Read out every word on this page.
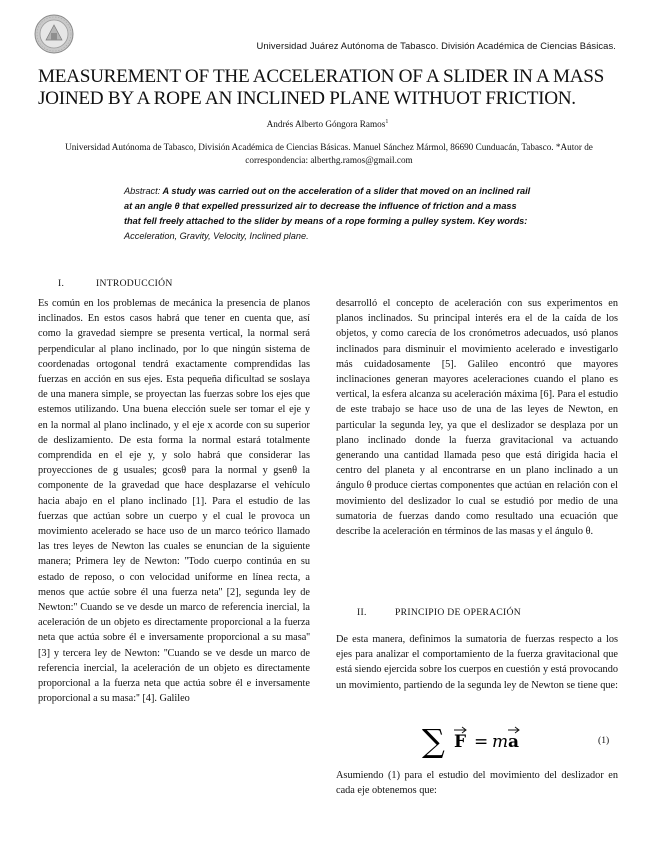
Universidad Juárez Autónoma de Tabasco. División Académica de Ciencias Básicas.
MEASUREMENT OF THE ACCELERATION OF A SLIDER IN A MASS JOINED BY A ROPE AN INCLINED PLANE WITHUOT FRICTION.
Andrés Alberto Góngora Ramos$^1$
Universidad Autónoma de Tabasco, División Académica de Ciencias Básicas. Manuel Sánchez Mármol, 86690 Cunduacán, Tabasco. *Autor de correspondencia: alberthg.ramos@gmail.com
Abstract: A study was carried out on the acceleration of a slider that moved on an inclined rail at an angle θ that expelled pressurized air to decrease the influence of friction and a mass that fell freely attached to the slider by means of a rope forming a pulley system. Key words: Acceleration, Gravity, Velocity, Inclined plane.
I.	INTRODUCCIÓN

Es común en los problemas de mecánica la presencia de planos inclinados. En estos casos habrá que tener en cuenta que, así como la gravedad siempre se presenta vertical, la normal será perpendicular al plano inclinado, por lo que ningún sistema de coordenadas ortogonal tendrá exactamente comprendidas las fuerzas en acción en sus ejes. Esta pequeña dificultad se soslaya de una manera simple, se proyectan las fuerzas sobre los ejes que estemos utilizando. Una buena elección suele ser tomar el eje y en la normal al plano inclinado, y el eje x acorde con su superior de deslizamiento. De esta forma la normal estará totalmente comprendida en el eje y, y solo habrá que considerar las proyecciones de g usuales; gcosθ para la normal y gsenθ la componente de la gravedad que hace desplazarse el vehículo hacia abajo en el plano inclinado [1]. Para el estudio de las fuerzas que actúan sobre un cuerpo y el cual le provoca un movimiento acelerado se hace uso de un marco teórico llamado las tres leyes de Newton las cuales se enuncian de la siguiente manera; Primera ley de Newton: ''Todo cuerpo continúa en su estado de reposo, o con velocidad uniforme en línea recta, a menos que actúe sobre él una fuerza neta'' [2], segunda ley de Newton:'' Cuando se ve desde un marco de referencia inercial, la aceleración de un objeto es directamente proporcional a la fuerza neta que actúa sobre él e inversamente proporcional a su masa'' [3] y tercera ley de Newton: ''Cuando se ve desde un marco de referencia inercial, la aceleración de un objeto es directamente proporcional a la fuerza neta que actúa sobre él e inversamente proporcional a su masa:'' [4]. Galileo

desarrolló el concepto de aceleración con sus experimentos en planos inclinados. Su principal interés era el de la caída de los objetos, y como carecía de los cronómetros adecuados, usó planos inclinados para disminuir el movimiento acelerado e investigarlo más cuidadosamente [5]. Galileo encontró que mayores inclinaciones generan mayores aceleraciones cuando el plano es vertical, la esfera alcanza su aceleración máxima [6]. Para el estudio de este trabajo se hace uso de una de las leyes de Newton, en particular la segunda ley, ya que el deslizador se desplaza por un plano inclinado donde la fuerza gravitacional va actuando generando una cantidad llamada peso que está dirigida hacia el centro del planeta y al encontrarse en un plano inclinado a un ángulo θ produce ciertas componentes que actúan en relación con el movimiento del deslizador lo cual se estudió por medio de una sumatoria de fuerzas dando como resultado una ecuación que describe la aceleración en términos de las masas y el ángulo θ.

II.	PRINCIPIO DE OPERACIÓN

De esta manera, definimos la sumatoria de fuerzas respecto a los ejes para analizar el comportamiento de la fuerza gravitacional que está siendo ejercida sobre los cuerpos en cuestión y está provocando un movimiento, partiendo de la segunda ley de Newton se tiene que:

∑ F = m a	(1)

Asumiendo (1) para el estudio del movimiento del deslizador en cada eje obtenemos que:
